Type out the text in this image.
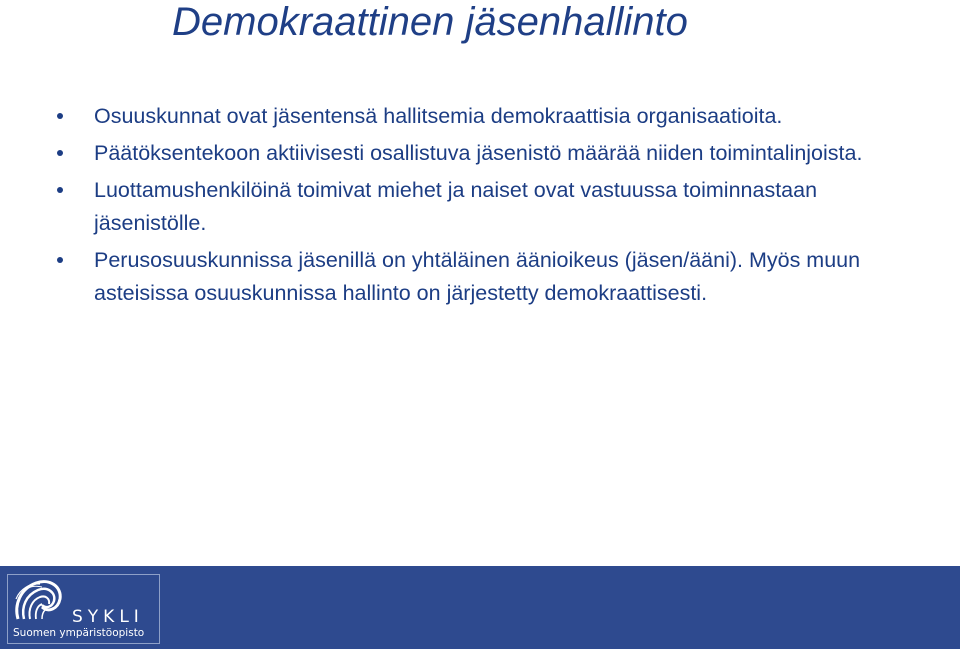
Demokraattinen jäsenhallinto
Osuuskunnat ovat jäsentensä hallitsemia demokraattisia organisaatioita.
Päätöksentekoon aktiivisesti osallistuva jäsenistö määrää niiden toimintalinjoista.
Luottamushenkilöinä toimivat miehet ja naiset ovat vastuussa toiminnastaan jäsenistölle.
Perusosuuskunnissa jäsenillä on yhtäläinen äänioikeus (jäsen/ääni). Myös muun asteisissa osuuskunnissa hallinto on järjestetty demokraattisesti.
SYKLI
Suomen ympäristöopisto
